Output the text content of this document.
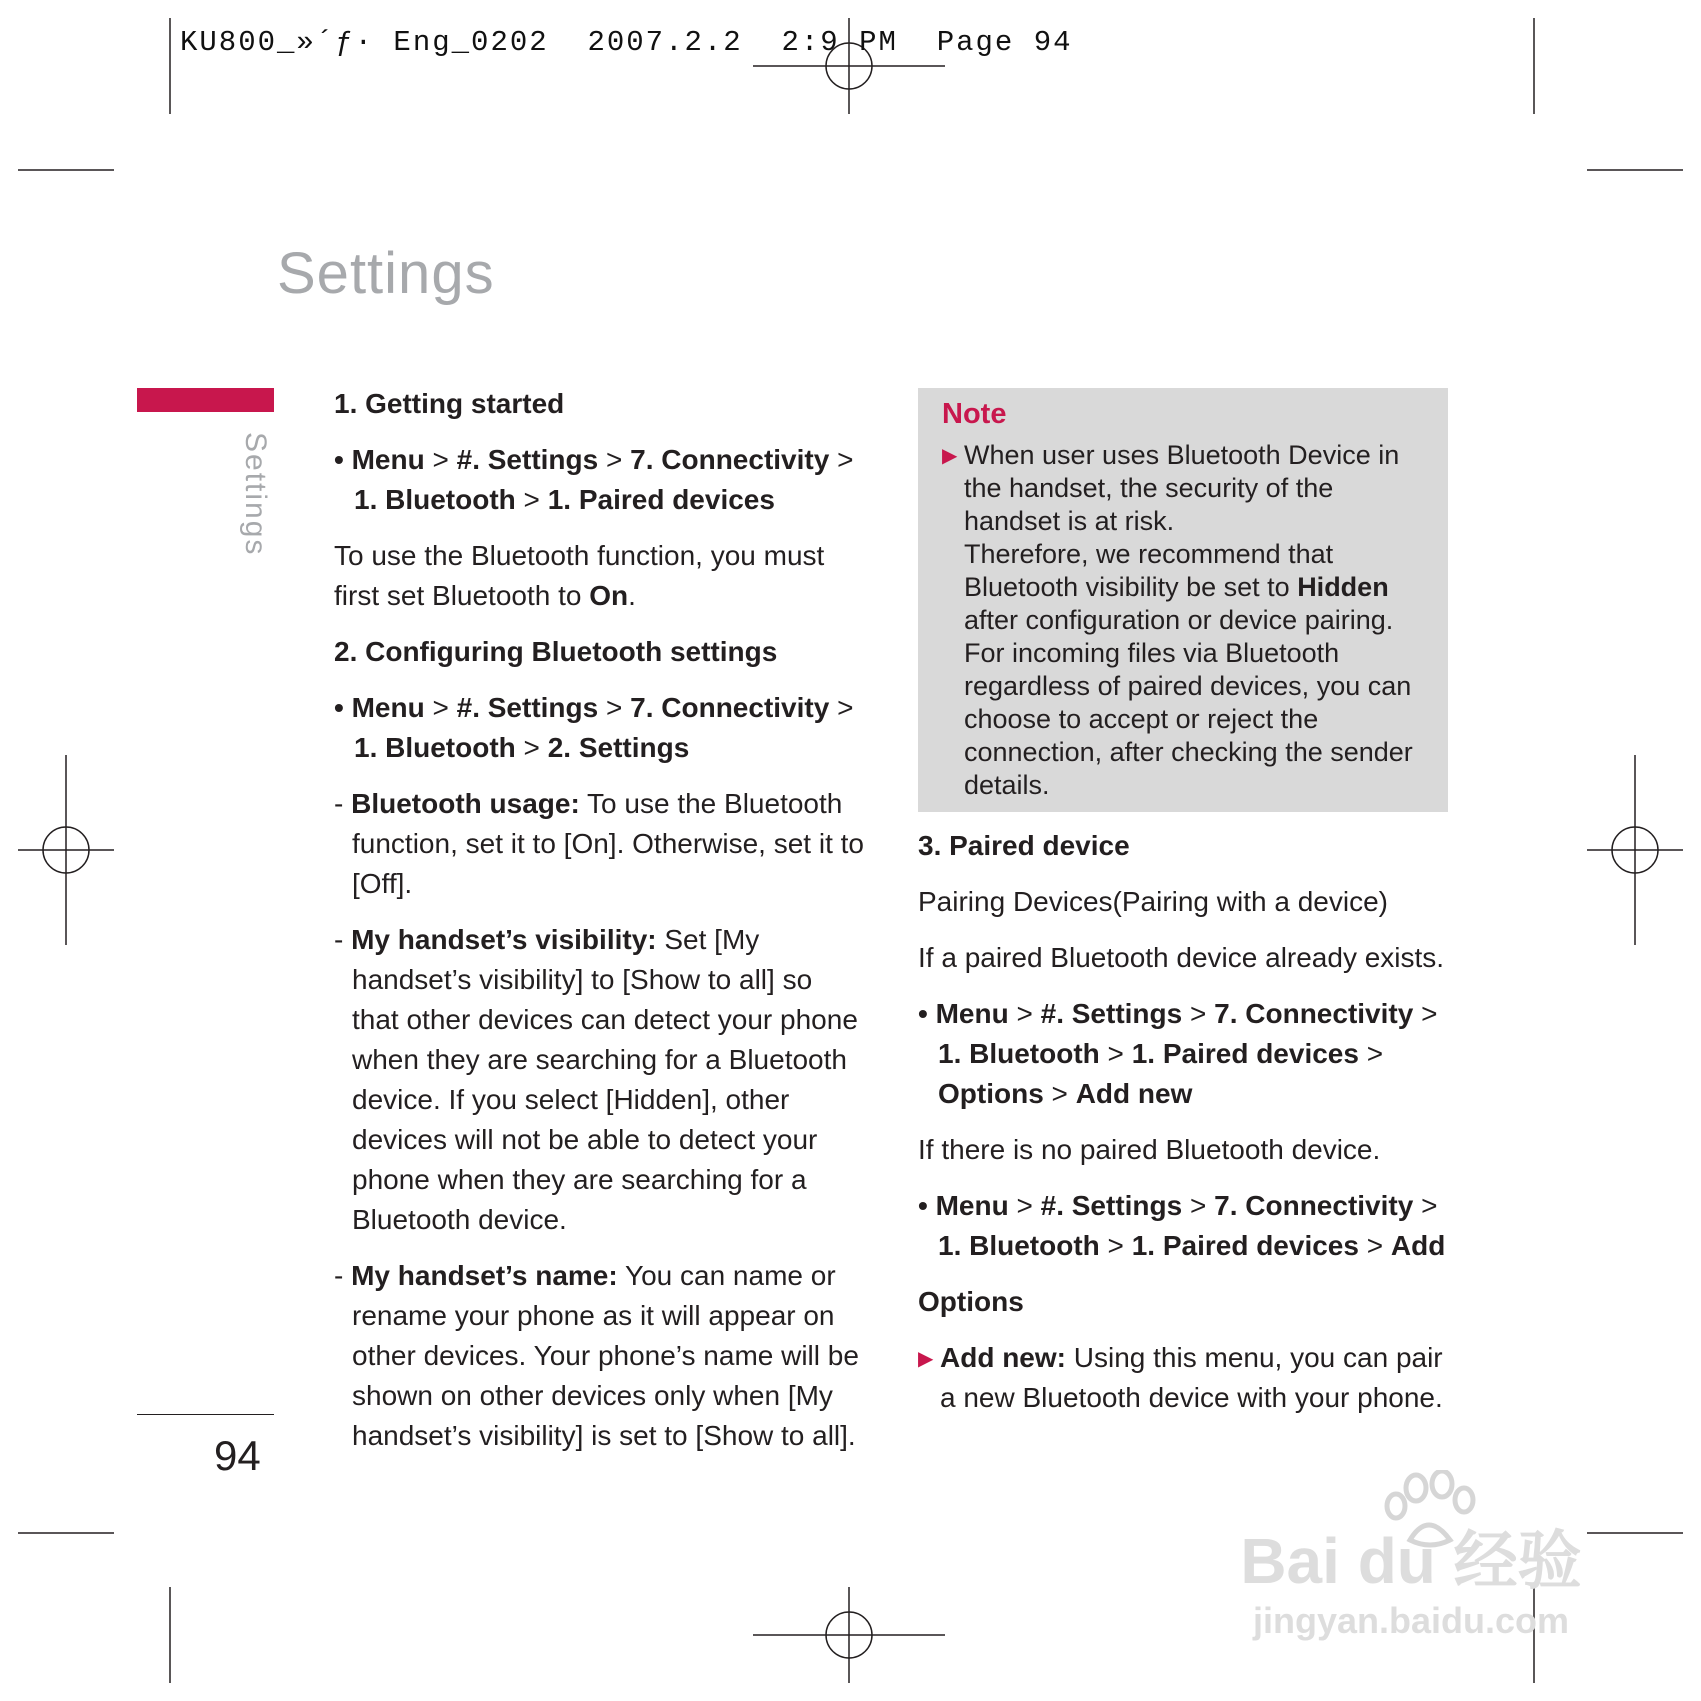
KU800_»´ƒ· Eng_0202  2007.2.2  2:9 PM  Page 94
Settings
Settings
94
1. Getting started
• Menu > #. Settings > 7. Connectivity > 1. Bluetooth > 1. Paired devices
To use the Bluetooth function, you must first set Bluetooth to On.
2. Configuring Bluetooth settings
• Menu > #. Settings > 7. Connectivity > 1. Bluetooth > 2. Settings
- Bluetooth usage: To use the Bluetooth function, set it to [On]. Otherwise, set it to [Off].
- My handset’s visibility: Set [My handset’s visibility] to [Show to all] so that other devices can detect your phone when they are searching for a Bluetooth device. If you select [Hidden], other devices will not be able to detect your phone when they are searching for a Bluetooth device.
- My handset’s name: You can name or rename your phone as it will appear on other devices. Your phone’s name will be shown on other devices only when [My handset’s visibility] is set to [Show to all].
Note
▶ When user uses Bluetooth Device in the handset, the security of the handset is at risk.
Therefore, we recommend that Bluetooth visibility be set to Hidden after configuration or device pairing.
For incoming files via Bluetooth regardless of paired devices, you can choose to accept or reject the connection, after checking the sender details.
3. Paired device
Pairing Devices(Pairing with a device)
If a paired Bluetooth device already exists.
• Menu > #. Settings > 7. Connectivity > 1. Bluetooth > 1. Paired devices > Options > Add new
If there is no paired Bluetooth device.
• Menu > #. Settings > 7. Connectivity > 1. Bluetooth > 1. Paired devices > Add
Options
▶ Add new: Using this menu, you can pair a new Bluetooth device with your phone.
Bai du 经验
jingyan.baidu.com
